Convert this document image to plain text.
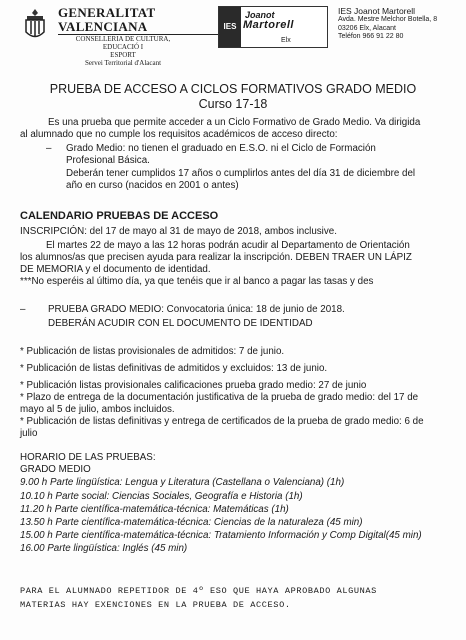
GENERALITAT VALENCIANA
CONSELLERIA DE CULTURA, EDUCACIÓ I
ESPORT
Servei Territorial d'Alacant
IES
Joanot
Martorell
Elx
IES Joanot Martorell
Avda. Mestre Melchor Botella, 8
03206 Elx, Alacant
Teléfon 966 91 22 80
PRUEBA DE ACCESO A CICLOS FORMATIVOS GRADO MEDIO
Curso 17-18
Es una prueba que permite acceder a un Ciclo Formativo de Grado Medio. Va dirigida
al alumnado que no cumple los requisitos académicos de acceso directo:
– Grado Medio: no tienen el graduado en E.S.O. ni el Ciclo de Formación
Profesional Básica.
Deberán tener cumplidos 17 años o cumplirlos antes del día 31 de diciembre del
año en curso (nacidos en 2001 o antes)
CALENDARIO PRUEBAS DE ACCESO
INSCRIPCIÓN: del 17 de mayo al 31 de mayo de 2018, ambos inclusive.
El martes 22 de mayo a las 12 horas podrán acudir al Departamento de Orientación
los alumnos/as que precisen ayuda para realizar la inscripción. DEBEN TRAER UN LÁPIZ
DE MEMORIA y el documento de identidad.
***No esperéis al último día, ya que tenéis que ir al banco a pagar las tasas y des
– PRUEBA GRADO MEDIO: Convocatoria única: 18 de junio de 2018.
DEBERÁN ACUDIR CON EL DOCUMENTO DE IDENTIDAD
* Publicación de listas provisionales de admitidos: 7 de junio.
* Publicación de listas definitivas de admitidos y excluidos: 13 de junio.
* Publicación listas provisionales calificaciones prueba grado medio: 27 de junio
* Plazo de entrega de la documentación justificativa de la prueba de grado medio: del 17 de
mayo al 5 de julio, ambos incluidos.
* Publicación de listas definitivas y entrega de certificados de la prueba de grado medio: 6 de
julio
HORARIO DE LAS PRUEBAS:
GRADO MEDIO
9.00 h Parte lingüística: Lengua y Literatura (Castellana o Valenciana) (1h)
10.10 h Parte social: Ciencias Sociales, Geografía e Historia (1h)
11.20 h Parte científica-matemática-técnica: Matemáticas (1h)
13.50 h Parte científica-matemática-técnica: Ciencias de la naturaleza (45 min)
15.00 h Parte científica-matemática-técnica: Tratamiento Información y Comp Digital(45 min)
16.00 Parte lingüística: Inglés (45 min)
PARA EL ALUMNADO REPETIDOR DE 4º ESO QUE HAYA APROBADO ALGUNAS
MATERIAS HAY EXENCIONES EN LA PRUEBA DE ACCESO.
